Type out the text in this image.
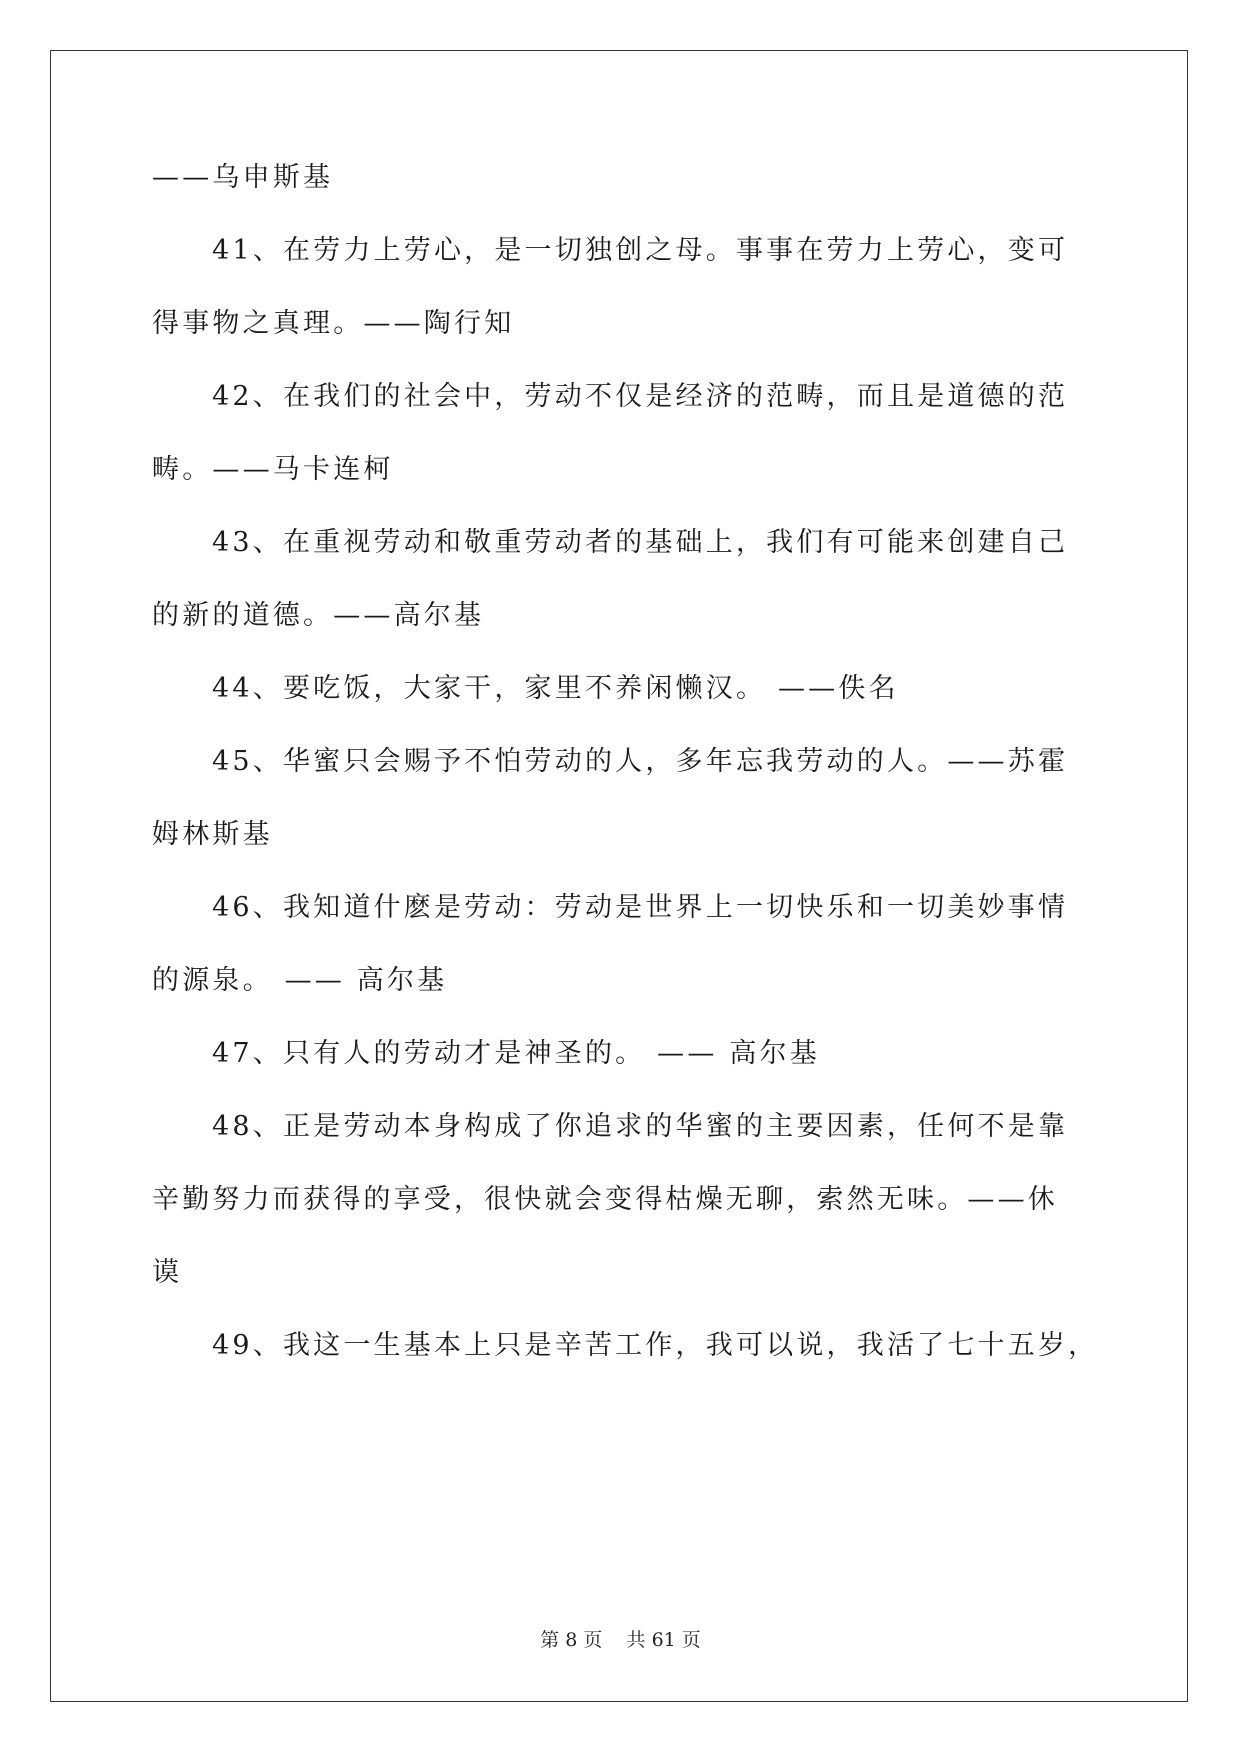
——乌申斯基
41、在劳力上劳心，是一切独创之母。事事在劳力上劳心，变可
得事物之真理。——陶行知
42、在我们的社会中，劳动不仅是经济的范畴，而且是道德的范
畴。——马卡连柯
43、在重视劳动和敬重劳动者的基础上，我们有可能来创建自己
的新的道德。——高尔基
44、要吃饭，大家干，家里不养闲懒汉。 ——佚名
45、华蜜只会赐予不怕劳动的人，多年忘我劳动的人。——苏霍
姆林斯基
46、我知道什麽是劳动：劳动是世界上一切快乐和一切美妙事情
的源泉。 —— 高尔基
47、只有人的劳动才是神圣的。 —— 高尔基
48、正是劳动本身构成了你追求的华蜜的主要因素，任何不是靠
辛勤努力而获得的享受，很快就会变得枯燥无聊，索然无味。——休
谟
49、我这一生基本上只是辛苦工作，我可以说，我活了七十五岁，
第 8 页 共 61 页
